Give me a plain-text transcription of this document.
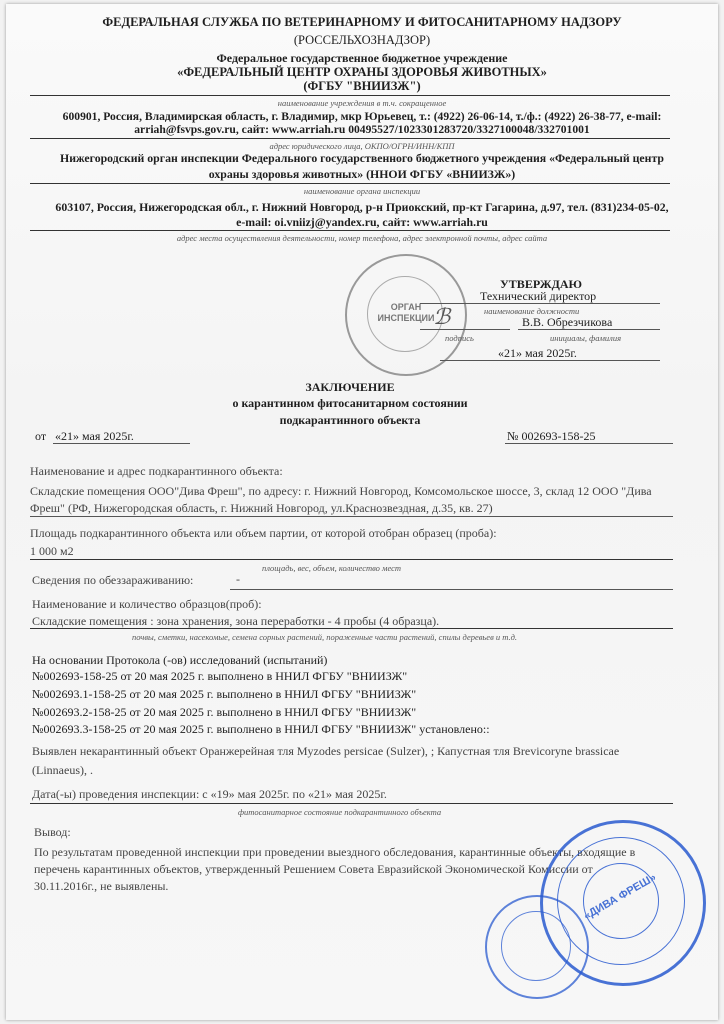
ФЕДЕРАЛЬНАЯ СЛУЖБА ПО ВЕТЕРИНАРНОМУ И ФИТОСАНИТАРНОМУ НАДЗОРУ
(РОССЕЛЬХОЗНАДЗОР)
Федеральное государственное бюджетное учреждение
«ФЕДЕРАЛЬНЫЙ ЦЕНТР ОХРАНЫ ЗДОРОВЬЯ ЖИВОТНЫХ»
(ФГБУ "ВНИИЗЖ")
наименование учреждения в т.ч. сокращенное
600901, Россия, Владимирская область, г. Владимир, мкр Юрьевец, т.: (4922) 26-06-14, т./ф.: (4922) 26-38-77, e-mail:
arriah@fsvps.gov.ru, сайт: www.arriah.ru 00495527/1023301283720/3327100048/332701001
адрес юридического лица, ОКПО/ОГРН/ИНН/КПП
Нижегородский орган инспекции Федерального государственного бюджетного учреждения «Федеральный центр
охраны здоровья животных» (ННОИ ФГБУ «ВНИИЗЖ»)
наименование органа инспекции
603107, Россия, Нижегородская обл., г. Нижний Новгород, р-н Приокский, пр-кт Гагарина, д.97, тел. (831)234-05-02,
e-mail: oi.vniizj@yandex.ru, сайт: www.arriah.ru
адрес места осуществления деятельности, номер телефона, адрес электронной почты, адрес сайта
ОРГАН
ИНСПЕКЦИИ
ℬ
УТВЕРЖДАЮ
Технический директор
наименование должности
В.В. Обрезчикова
подпись	инициалы, фамилия
«21» мая 2025г.
ЗАКЛЮЧЕНИЕ
о карантинном фитосанитарном состоянии
подкарантинного объекта
от «21» мая 2025г.	№ 002693-158-25
Наименование и адрес подкарантинного объекта:
Складские помещения ООО"Дива Фреш", по адресу: г. Нижний Новгород, Комсомольское шоссе, 3, склад 12 ООО "Дива
Фреш" (РФ, Нижегородская область, г. Нижний Новгород, ул.Краснозвездная, д.35, кв. 27)
Площадь подкарантинного объекта или объем партии, от которой отобран образец (проба):
1 000 м2
площадь, вес, объем, количество мест
Сведения по обеззараживанию:	-
Наименование и количество образцов(проб):
Складские помещения : зона хранения, зона переработки - 4 пробы (4 образца).
почвы, сметки, насекомые, семена сорных растений, пораженные части растений, спилы деревьев и т.д.
На основании Протокола (-ов) исследований (испытаний)
№002693-158-25 от 20 мая 2025 г. выполнено в ННИЛ ФГБУ "ВНИИЗЖ"
№002693.1-158-25 от 20 мая 2025 г. выполнено в ННИЛ ФГБУ "ВНИИЗЖ"
№002693.2-158-25 от 20 мая 2025 г. выполнено в ННИЛ ФГБУ "ВНИИЗЖ"
№002693.3-158-25 от 20 мая 2025 г. выполнено в ННИЛ ФГБУ "ВНИИЗЖ" установлено::
Выявлен некарантинный объект Оранжерейная тля Myzodes persicae (Sulzer), ; Капустная тля Brevicoryne brassicae
(Linnaeus), .
Дата(-ы) проведения инспекции: с «19» мая 2025г. по «21» мая 2025г.
фитосанитарное состояние подкарантинного объекта
Вывод:
По результатам проведенной инспекции при проведении выездного обследования, карантинные объекты, входящие в
перечень карантинных объектов, утвержденный Решением Совета Евразийской Экономической Комиссии от
30.11.2016г., не выявлены.	«ДИВА ФРЕШ»
